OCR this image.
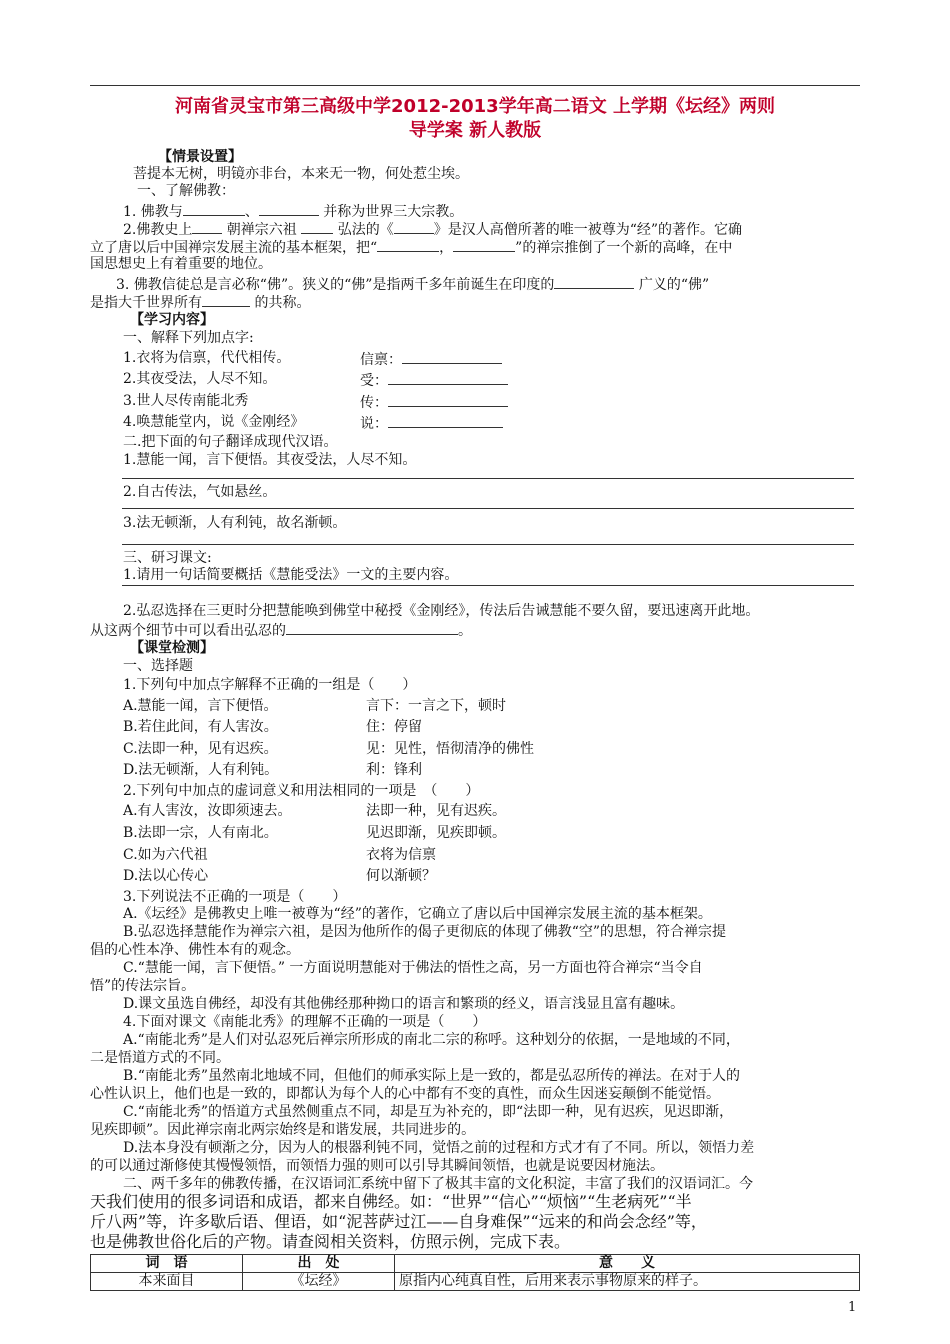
河南省灵宝市第三高级中学2012-2013学年高二语文 上学期《坛经》两则
导学案 新人教版
【情景设置】
菩提本无树，明镜亦非台，本来无一物，何处惹尘埃。
一、了解佛教：
1. 佛教与	、	并称为世界三大宗教。
2.佛教史上 朝禅宗六祖  弘法的《	》是汉人高僧所著的唯一被尊为“经”的著作。它确
立了唐以后中国禅宗发展主流的基本框架，把“	，	”的禅宗推倒了一个新的高峰，在中
国思想史上有着重要的地位。
3. 佛教信徒总是言必称“佛”。狭义的“佛”是指两千多年前诞生在印度的	广义的“佛”
是指大千世界所有	的共称。
【学习内容】
一、解释下列加点字:
1.衣将为信禀，代代相传。	信禀：
2.其夜受法，人尽不知。	受：
3.世人尽传南能北秀	传：
4.唤慧能堂内，说《金刚经》	说：
二.把下面的句子翻译成现代汉语。
1.慧能一闻，言下便悟。其夜受法，人尽不知。
2.自古传法，气如悬丝。
3.法无顿渐，人有利钝，故名渐顿。
三、研习课文:
1.请用一句话简要概括《慧能受法》一文的主要内容。
2.弘忍选择在三更时分把慧能唤到佛堂中秘授《金刚经》，传法后告诫慧能不要久留，要迅速离开此地。
从这两个细节中可以看出弘忍的	。
【课堂检测】
一、选择题
1.下列句中加点字解释不正确的一组是（　　）
A.慧能一闻，言下便悟。	言下：一言之下，顿时
B.若住此间，有人害汝。	住：停留
C.法即一种，见有迟疾。	见：见性，悟彻清净的佛性
D.法无顿渐，人有利钝。	利：锋利
2.下列句中加点的虚词意义和用法相同的一项是　（　　）
A.有人害汝，汝即须速去。	法即一种，见有迟疾。
B.法即一宗，人有南北。	见迟即渐，见疾即顿。
C.如为六代祖	衣将为信禀
D.法以心传心	何以渐顿？
3.下列说法不正确的一项是（　　）
A.《坛经》是佛教史上唯一被尊为“经”的著作，它确立了唐以后中国禅宗发展主流的基本框架。
B.弘忍选择慧能作为禅宗六祖，是因为他所作的偈子更彻底的体现了佛教“空”的思想，符合禅宗提
倡的心性本净、佛性本有的观念。
C.“慧能一闻，言下便悟。” 一方面说明慧能对于佛法的悟性之高，另一方面也符合禅宗“当令自
悟”的传法宗旨。
D.课文虽选自佛经，却没有其他佛经那种拗口的语言和繁琐的经义，语言浅显且富有趣味。
4.下面对课文《南能北秀》的理解不正确的一项是（　　）
A.“南能北秀”是人们对弘忍死后禅宗所形成的南北二宗的称呼。这种划分的依据，一是地域的不同，
二是悟道方式的不同。
B.“南能北秀”虽然南北地域不同，但他们的师承实际上是一致的，都是弘忍所传的禅法。在对于人的
心性认识上，他们也是一致的，即都认为每个人的心中都有不变的真性，而众生因迷妄颠倒不能觉悟。
C.“南能北秀”的悟道方式虽然侧重点不同，却是互为补充的，即“法即一种，见有迟疾，见迟即渐，
见疾即顿”。因此禅宗南北两宗始终是和谐发展，共同进步的。
D.法本身没有顿渐之分，因为人的根器利钝不同，觉悟之前的过程和方式才有了不同。所以，领悟力差
的可以通过渐修使其慢慢领悟，而领悟力强的则可以引导其瞬间领悟，也就是说要因材施法。
二、两千多年的佛教传播，在汉语词汇系统中留下了极其丰富的文化积淀，丰富了我们的汉语词汇。今
天我们使用的很多词语和成语，都来自佛经。如：“世界”“信心”“烦恼”“生老病死”“半
斤八两”等，许多歇后语、俚语，如“泥菩萨过江——自身难保”“远来的和尚会念经”等，
也是佛教世俗化后的产物。请查阅相关资料，仿照示例，完成下表。
词　语	出　处	意　　义
本来面目	《坛经》	原指内心纯真自性，后用来表示事物原来的样子。
1
